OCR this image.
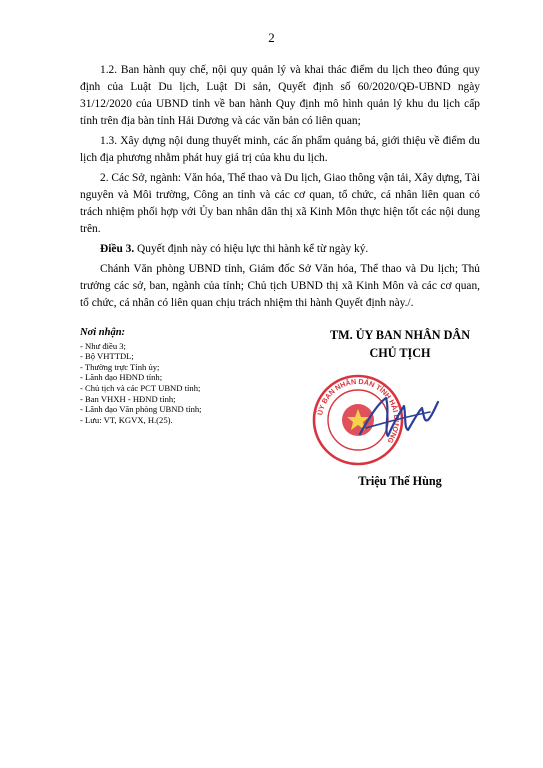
2

1.2. Ban hành quy chế, nội quy quản lý và khai thác điểm du lịch theo đúng quy định của Luật Du lịch, Luật Di sản, Quyết định số 60/2020/QĐ-UBND ngày 31/12/2020 của UBND tỉnh về ban hành Quy định mô hình quản lý khu du lịch cấp tỉnh trên địa bàn tỉnh Hải Dương và các văn bản có liên quan;

1.3. Xây dựng nội dung thuyết minh, các ấn phẩm quảng bá, giới thiệu về điểm du lịch địa phương nhằm phát huy giá trị của khu du lịch.

2. Các Sở, ngành: Văn hóa, Thể thao và Du lịch, Giao thông vận tải, Xây dựng, Tài nguyên và Môi trường, Công an tỉnh và các cơ quan, tổ chức, cá nhân liên quan có trách nhiệm phối hợp với Ủy ban nhân dân thị xã Kinh Môn thực hiện tốt các nội dung trên.

Điều 3. Quyết định này có hiệu lực thi hành kể từ ngày ký.

Chánh Văn phòng UBND tỉnh, Giám đốc Sở Văn hóa, Thể thao và Du lịch; Thủ trưởng các sở, ban, ngành của tỉnh; Chủ tịch UBND thị xã Kinh Môn và các cơ quan, tổ chức, cá nhân có liên quan chịu trách nhiệm thi hành Quyết định này./.

Nơi nhận:
- Như điều 3;
- Bộ VHTTDL;
- Thường trực Tỉnh ủy;
- Lãnh đạo HĐND tỉnh;
- Chủ tịch và các PCT UBND tỉnh;
- Ban VHXH - HĐND tỉnh;
- Lãnh đạo Văn phòng UBND tỉnh;
- Lưu: VT, KGVX, H.(25).
TM. ỦY BAN NHÂN DÂN
CHỦ TỊCH
Triệu Thế Hùng
ỦY BAN NHÂN DÂN TỈNH HẢI DƯƠNG
